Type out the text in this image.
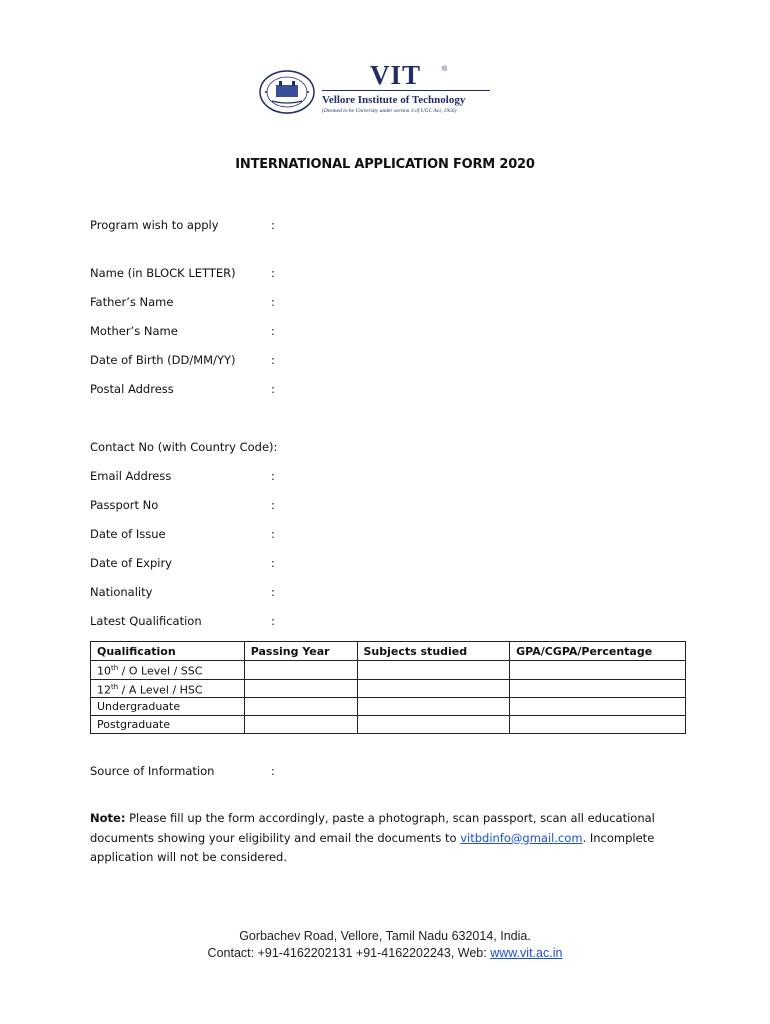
VIT	®
Vellore Institute of Technology
(Deemed to be University under section 3 of UGC Act, 1956)
INTERNATIONAL APPLICATION FORM 2020
Program wish to apply	:
Name (in BLOCK LETTER)	:
Father’s Name	:
Mother’s Name	:
Date of Birth (DD/MM/YY)	:
Postal Address	:
Contact No (with Country Code):
Email Address	:
Passport No	:
Date of Issue	:
Date of Expiry	:
Nationality	:
Latest Qualification	:
Qualification	Passing Year	Subjects studied	GPA/CGPA/Percentage
10th / O Level / SSC			
12th / A Level / HSC			
Undergraduate			
Postgraduate			
Source of Information	:
Note: Please fill up the form accordingly, paste a photograph, scan passport, scan all educational documents showing your eligibility and email the documents to vitbdinfo@gmail.com. Incomplete application will not be considered.
Gorbachev Road, Vellore, Tamil Nadu 632014, India.
Contact: +91-4162202131 +91-4162202243, Web: www.vit.ac.in
